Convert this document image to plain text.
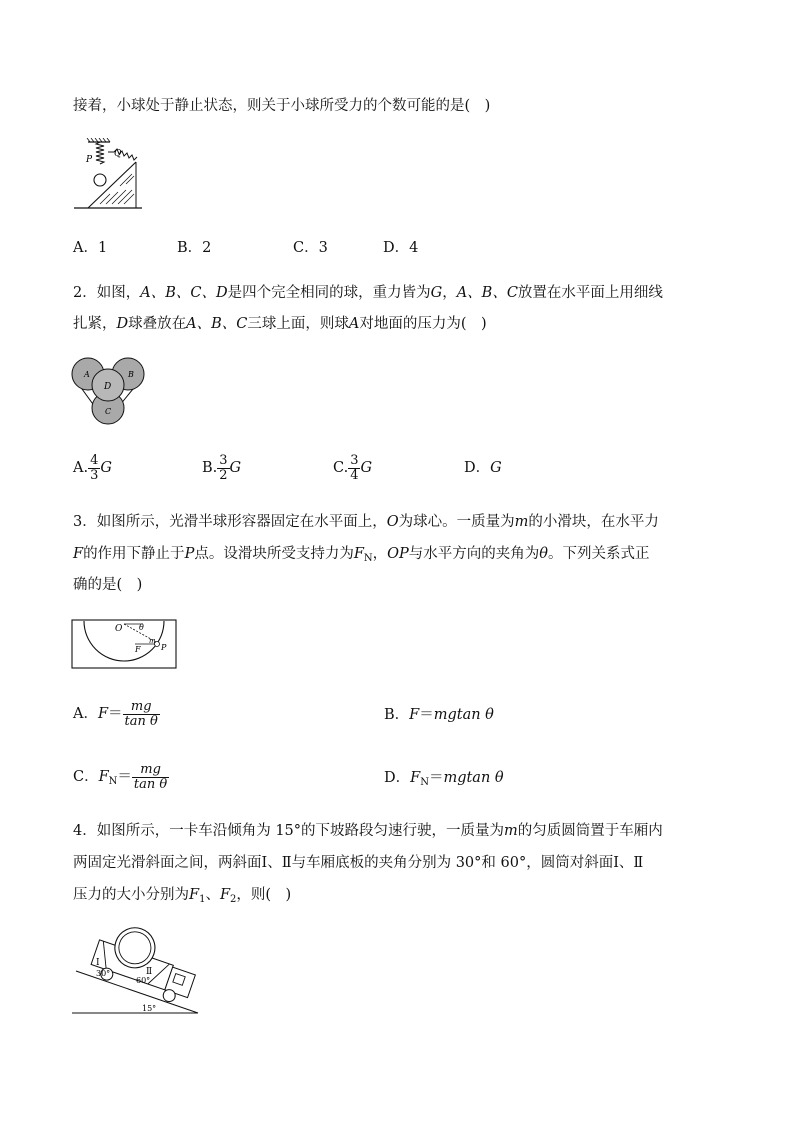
接着，小球处于静止状态，则关于小球所受力的个数可能的是(　)
P
Q
A．1	B．2	C．3	D．4
2．如图，A、B、C、D是四个完全相同的球，重力皆为G，A、B、C放置在水平面上用细线
扎紧，D球叠放在A、B、C三球上面，则球A对地面的压力为(　)
A	B
D
C
A. $\frac{4}{3}$ G	B. $\frac{3}{2}$ G	C. $\frac{3}{4}$ G	D．G
3．如图所示，光滑半球形容器固定在水平面上，O为球心。一质量为m的小滑块，在水平力
F的作用下静止于P点。设滑块所受支持力为$F_N$，OP与水平方向的夹角为θ。下列关系式正
确的是(　)
O θ
F
m
P
A．$F= \frac{mg}{\text{tan θ}}$	B．F＝mgtan θ
C．$F_N= \frac{mg}{\text{tan θ}}$	D．$F_N=mgtan$ θ
4．如图所示，一卡车沿倾角为 15°的下坡路段匀速行驶，一质量为m的匀质圆筒置于车厢内
两固定光滑斜面之间，两斜面Ⅰ、Ⅱ与车厢底板的夹角分别为 30°和 60°，圆筒对斜面Ⅰ、Ⅱ
压力的大小分别为$F_1$、$F_2$，则(　)
Ⅰ
30°	Ⅱ
60°
15°
